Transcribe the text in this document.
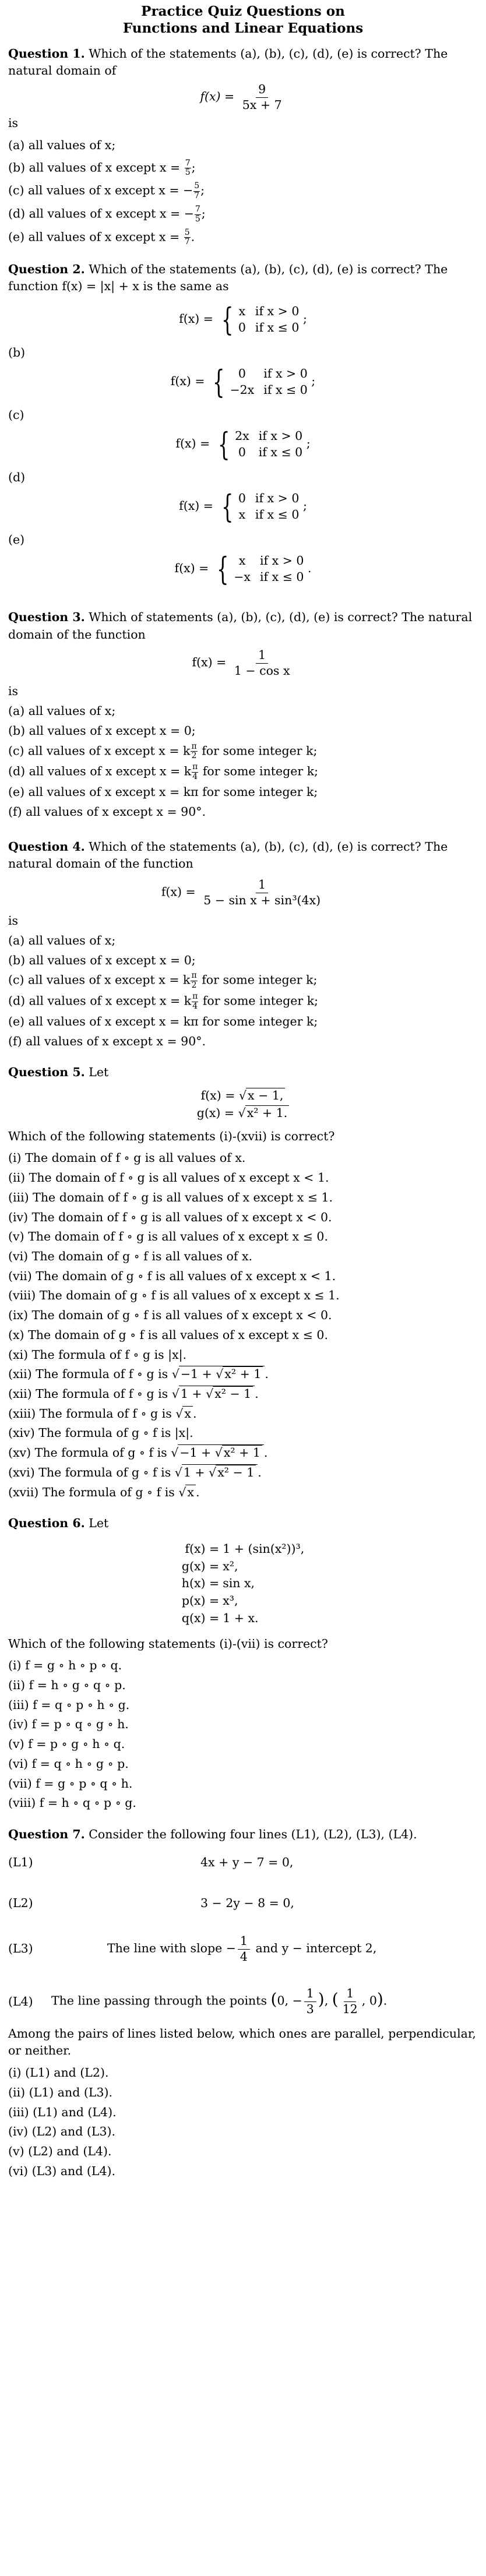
Practice Quiz Questions on
Functions and Linear Equations

Question 1. Which of the statements (a), (b), (c), (d), (e) is correct? The natural domain of

$f(x) = \frac{9}{5x + 7}$

is

(a) all values of x;

(b) all values of x except $x = \frac{7}{5}$ ;

(c) all values of x except x = − $\frac{5}{7}$ ;

(d) all values of x except x = − $\frac{7}{5}$ ;

(e) all values of x except $x = \frac{5}{7}$ .

Question 2. Which of the statements (a), (b), (c), (d), (e) is correct? The function f(x) = |x| + x is the same as

f(x) = { x if x > 0
0 if x ≤ 0
;
(b)
f(x) = {	0	if x > 0
−2x if x ≤ 0
;
(c)
f(x) = { 2x if x > 0
0 if x ≤ 0
;
(d)
f(x) = { 0 if x > 0
x if x ≤ 0
;
(e)
f(x) = { x	if x > 0
−x if x ≤ 0
.

Question 3. Which of statements (a), (b), (c), (d), (e) is correct? The natural domain of the function

$f(x) = \frac{1}{\text{1 − cos x}}$

is

(a) all values of x;

(b) all values of x except x = 0;

(c) all values of x except x = k $\frac{\pi}{2}$ for some integer k;

(d) all values of x except x = k $\frac{\pi}{4}$ for some integer k;

(e) all values of x except x = kπ for some integer k;

(f) all values of x except x = 90°.

Question 4. Which of the statements (a), (b), (c), (d), (e) is correct? The natural domain of the function

$f(x) = \frac{1}{\text{5 − sin x + sin³(4x)}}$

is

(a) all values of x;

(b) all values of x except x = 0;

(c) all values of x except x = k $\frac{\pi}{2}$ for some integer k;

(d) all values of x except x = k $\frac{\pi}{4}$ for some integer k;

(e) all values of x except x = kπ for some integer k;

(f) all values of x except x = 90°.

Question 5. Let

f(x) = √x − 1,
g(x) = √x² + 1.

Which of the following statements (i)-(xvii) is correct?

(i) The domain of f ∘ g is all values of x.

(ii) The domain of f ∘ g is all values of x except x < 1.

(iii) The domain of f ∘ g is all values of x except x ≤ 1.

(iv) The domain of f ∘ g is all values of x except x < 0.

(v) The domain of f ∘ g is all values of x except x ≤ 0.

(vi) The domain of g ∘ f is all values of x.

(vii) The domain of g ∘ f is all values of x except x < 1.

(viii) The domain of g ∘ f is all values of x except x ≤ 1.

(ix) The domain of g ∘ f is all values of x except x < 0.

(x) The domain of g ∘ f is all values of x except x ≤ 0.

(xi) The formula of f ∘ g is |x|.

(xii) The formula of f ∘ g is √−1 + √x² + 1 .

(xii) The formula of f ∘ g is √1 + √x² − 1 .

(xiii) The formula of f ∘ g is √x .

(xiv) The formula of g ∘ f is |x|.

(xv) The formula of g ∘ f is √−1 + √x² + 1 .

(xvi) The formula of g ∘ f is √1 + √x² − 1 .

(xvii) The formula of g ∘ f is √x .

Question 6. Let

f(x) = 1 + (sin(x²))³,
g(x) = x²,
h(x) = sin x,
p(x) = x³,
q(x) = 1 + x.

Which of the following statements (i)-(vii) is correct?

(i) f = g ∘ h ∘ p ∘ q.

(ii) f = h ∘ g ∘ q ∘ p.

(iii) f = q ∘ p ∘ h ∘ g.

(iv) f = p ∘ q ∘ g ∘ h.

(v) f = p ∘ g ∘ h ∘ q.

(vi) f = q ∘ h ∘ g ∘ p.

(vii) f = g ∘ p ∘ q ∘ h.

(viii) f = h ∘ q ∘ p ∘ g.

Question 7. Consider the following four lines (L1), (L2), (L3), (L4).

(L1)	4x + y − 7 = 0,
(L2)	3 − 2y − 8 = 0,
(L3)	The line with slope − $\frac{1}{4}$ and y − intercept 2,
(L4)	The line passing through the points (0, − $\frac{1}{3}$ ), ( $\frac{1}{12}$ , 0).

Among the pairs of lines listed below, which ones are parallel, perpendicular, or neither.

(i) (L1) and (L2).

(ii) (L1) and (L3).

(iii) (L1) and (L4).

(iv) (L2) and (L3).

(v) (L2) and (L4).

(vi) (L3) and (L4).
